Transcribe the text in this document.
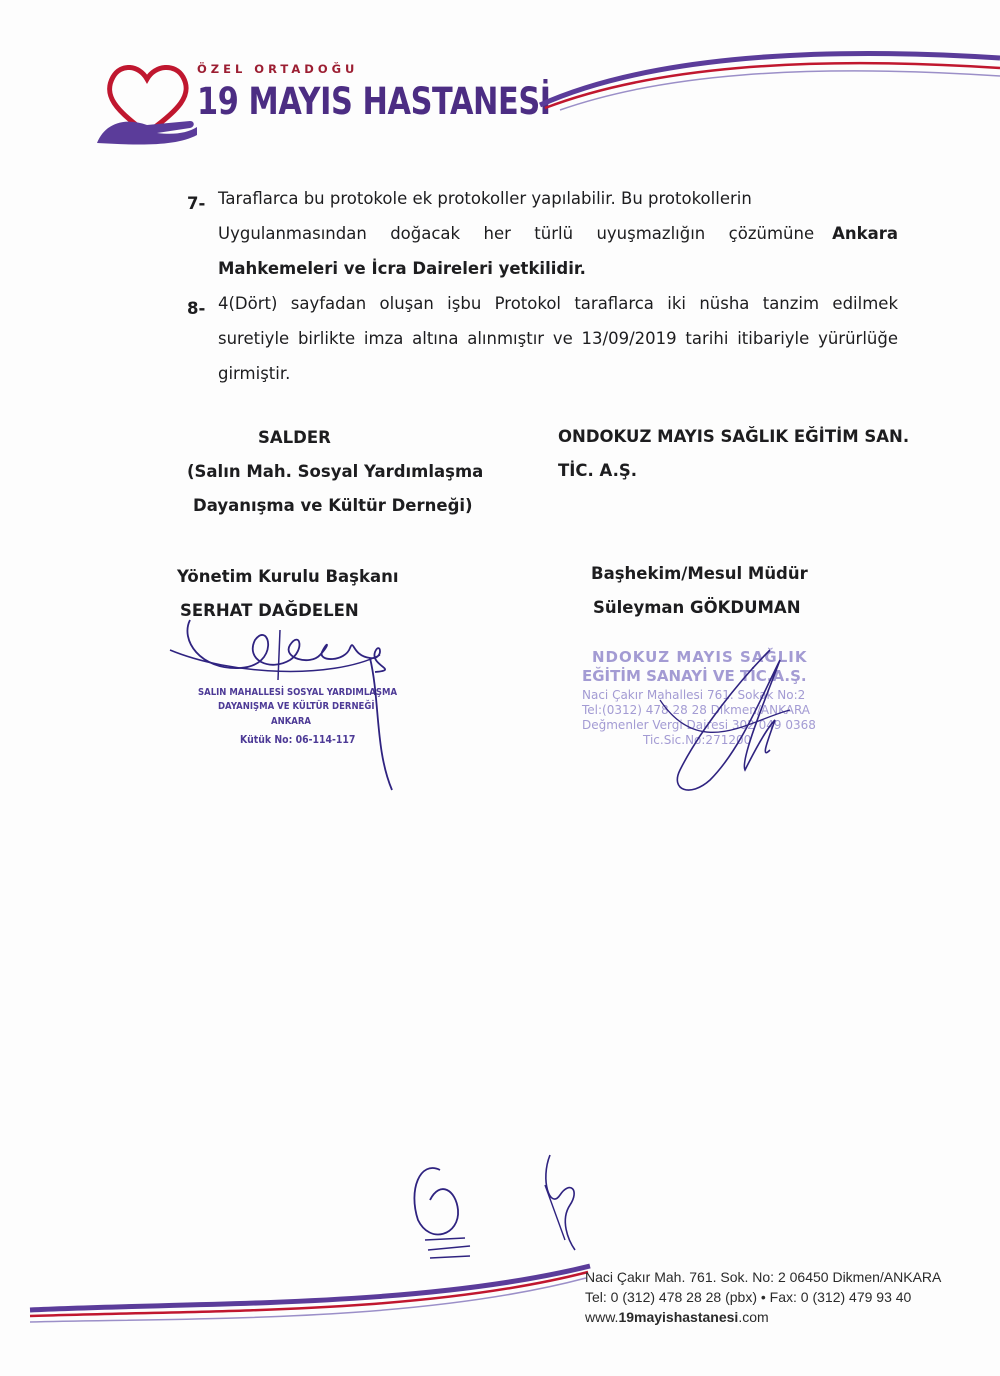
ÖZEL ORTADOĞU
19 MAYIS HASTANESİ
7- Taraflarca bu protokole ek protokoller yapılabilir. Bu protokollerin
Uygulanmasından doğacak her türlü uyuşmazlığın çözümüne	Ankara
Mahkemeleri ve İcra Daireleri yetkilidir.
8- 4(Dört) sayfadan oluşan işbu Protokol taraflarca iki nüsha tanzim edilmek
suretiyle birlikte imza altına alınmıştır ve 13/09/2019 tarihi itibariyle yürürlüğe
girmiştir.
SALDER
(Salın Mah. Sosyal Yardımlaşma
Dayanışma ve Kültür Derneği)
Yönetim Kurulu Başkanı
SERHAT DAĞDELEN
ONDOKUZ MAYIS SAĞLIK EĞİTİM SAN.
TİC. A.Ş.
Başhekim/Mesul Müdür
Süleyman GÖKDUMAN
SALIN MAHALLESİ SOSYAL YARDIMLAŞMA
DAYANIŞMA VE KÜLTÜR DERNEĞİ
ANKARA
Kütük No: 06-114-117
NDOKUZ MAYIS SAĞLIK
EĞİTİM SANAYİ VE TİC.A.Ş.
Naci Çakır Mahallesi 761. Sokak No:2
Tel:(0312) 478 28 28 Dikmen/ANKARA
Değmenler Vergi Dairesi 302 049 0368
Tic.Sic.No:271200
Naci Çakır Mah. 761. Sok. No: 2 06450 Dikmen/ANKARA
Tel: 0 (312) 478 28 28 (pbx) • Fax: 0 (312) 479 93 40
www.19mayishastanesi.com
